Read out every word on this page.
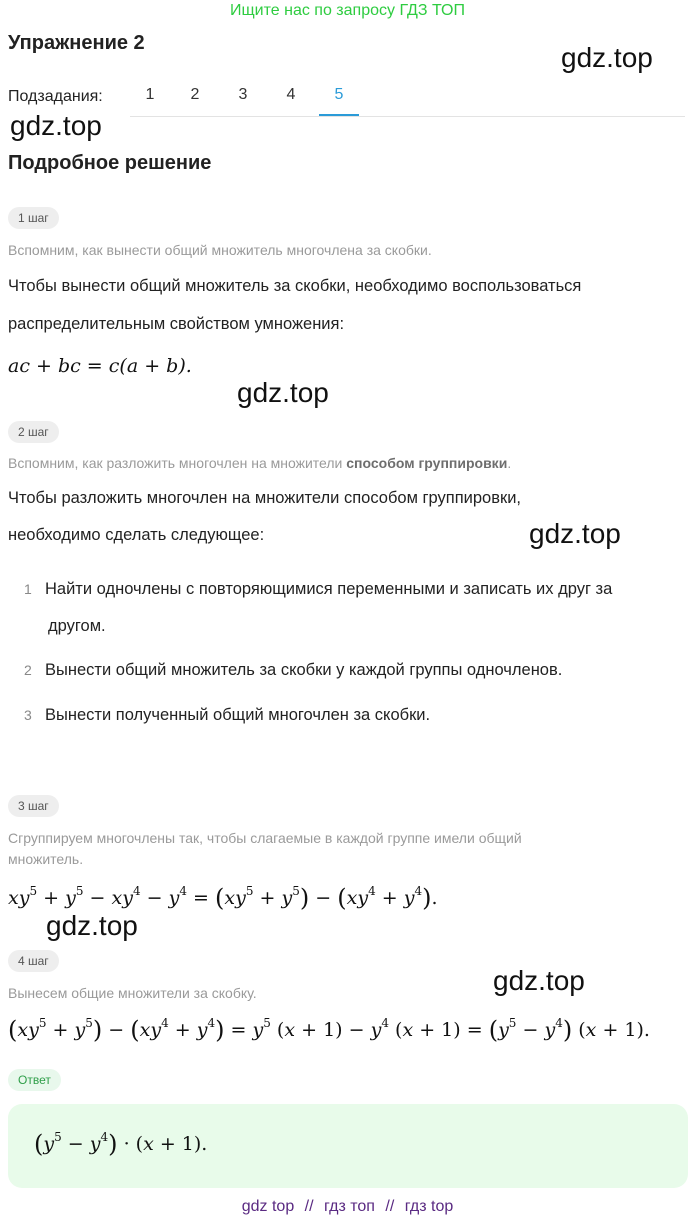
Ищите нас по запросу ГДЗ ТОП
Упражнение 2	gdz.top
gdz.top
gdz.top
gdz.top
gdz.top
gdz.top
Подзадания:	1	2	3	4	5
Подробное решение
1 шаг
Вспомним, как вынести общий множитель многочлена за скобки.
Чтобы вынести общий множитель за скобки, необходимо воспользоваться
распределительным свойством умножения:
ac + bc = c(a + b).
2 шаг
Вспомним, как разложить многочлен на множители способом группировки.
Чтобы разложить многочлен на множители способом группировки,
необходимо сделать следующее:
1 Найти одночлены с повторяющимися переменными и записать их друг за
другом.
2 Вынести общий множитель за скобки у каждой группы одночленов.
3 Вынести полученный общий многочлен за скобки.
3 шаг
Сгруппируем многочлены так, чтобы слагаемые в каждой группе имели общий
множитель.
$xy^5 + y^5 - xy^4 - y^4 = (xy^5 + y^5) - (xy^4 + y^4)$.
4 шаг
Вынесем общие множители за скобку.
$(xy^5 + y^5) - (xy^4 + y^4) = y^5$ $(x + 1) - y^4$ $(x + 1) = (y^5 - y^4) (x + 1)$.
Ответ
$(y^5 - y^4) \cdot (x + 1)$.
gdz top // гдз топ // гдз top
